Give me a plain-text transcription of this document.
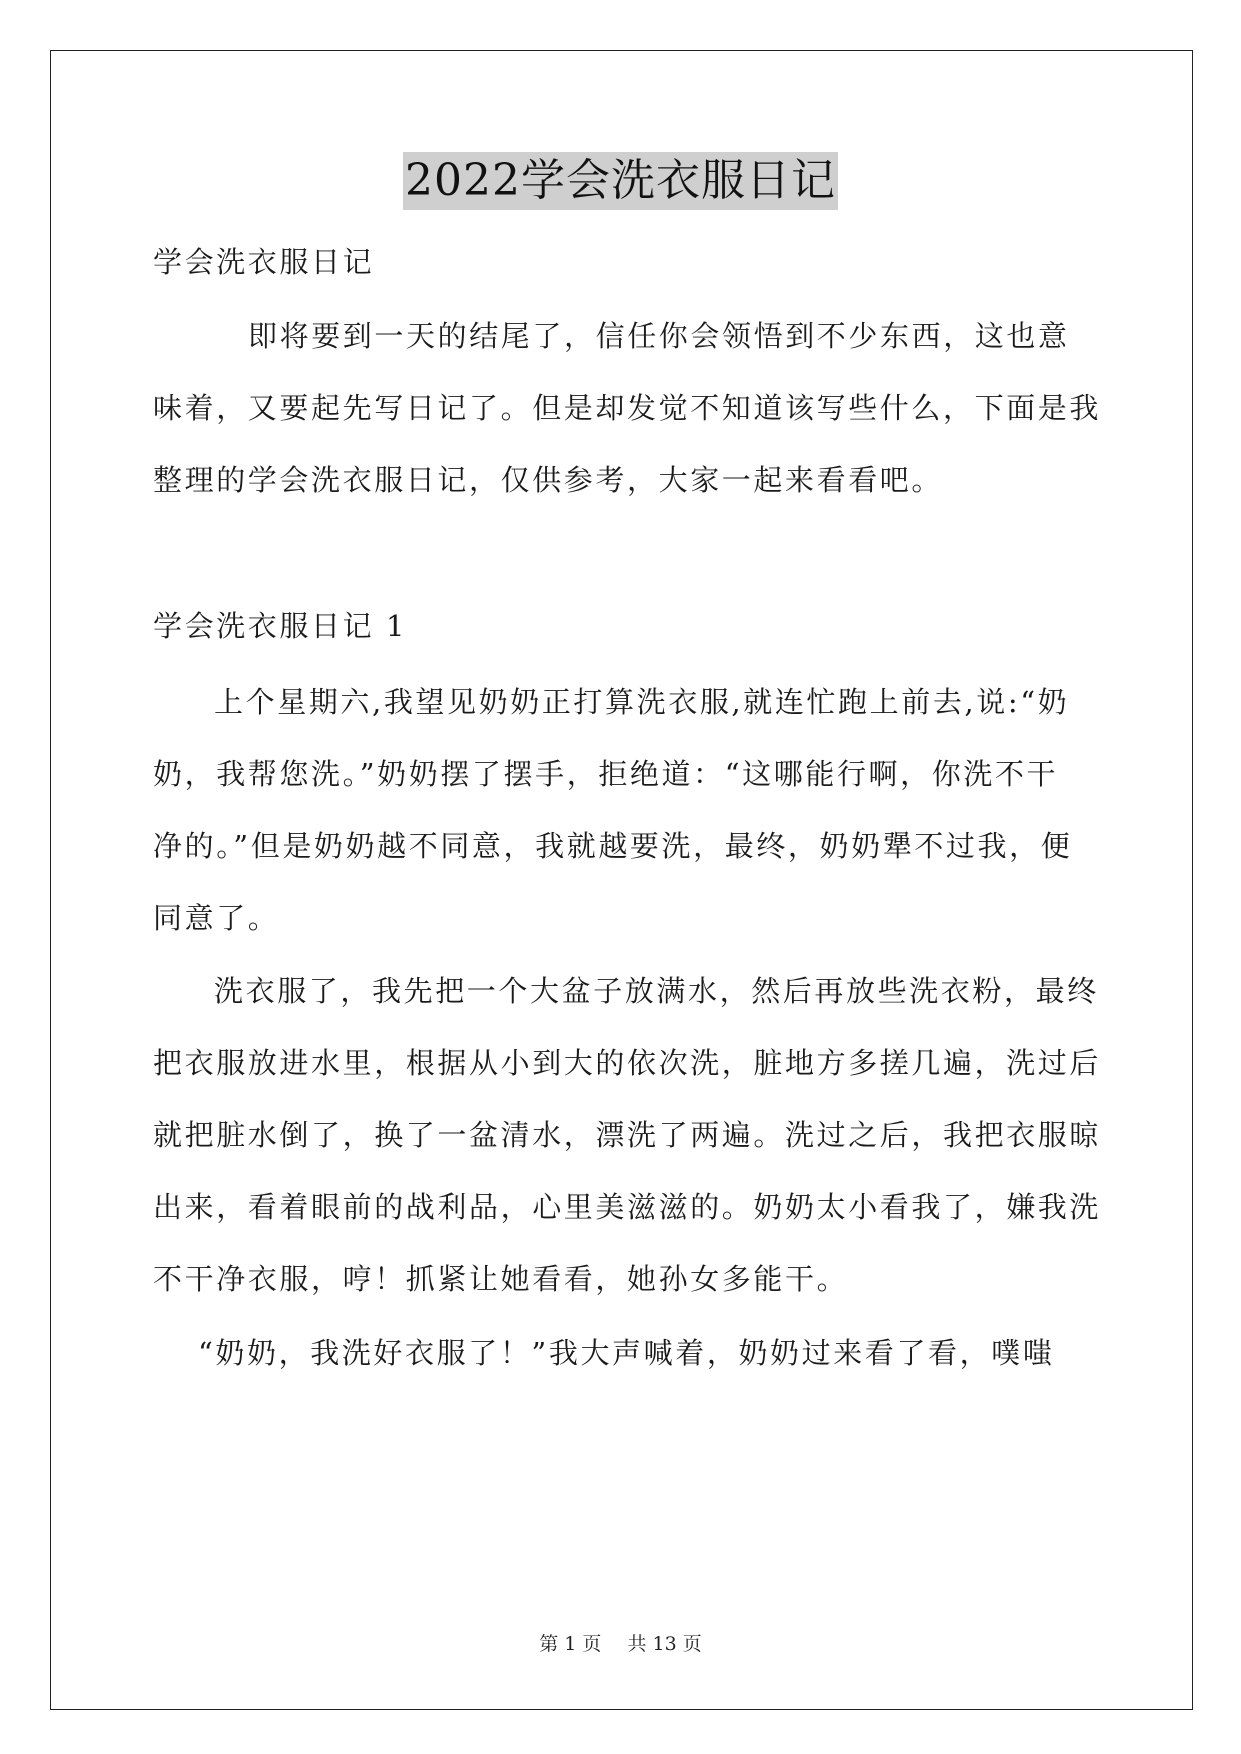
2022学会洗衣服日记
学会洗衣服日记
即将要到一天的结尾了，信任你会领悟到不少东西，这也意
味着，又要起先写日记了。但是却发觉不知道该写些什么，下面是我
整理的学会洗衣服日记，仅供参考，大家一起来看看吧。
学会洗衣服日记 1
上个星期六,我望见奶奶正打算洗衣服,就连忙跑上前去,说:“奶
奶，我帮您洗。”奶奶摆了摆手，拒绝道：“这哪能行啊，你洗不干
净的。”但是奶奶越不同意，我就越要洗，最终，奶奶犟不过我，便
同意了。
洗衣服了，我先把一个大盆子放满水，然后再放些洗衣粉，最终
把衣服放进水里，根据从小到大的依次洗，脏地方多搓几遍，洗过后
就把脏水倒了，换了一盆清水，漂洗了两遍。洗过之后，我把衣服晾
出来，看着眼前的战利品，心里美滋滋的。奶奶太小看我了，嫌我洗
不干净衣服，哼！抓紧让她看看，她孙女多能干。
“奶奶，我洗好衣服了！”我大声喊着，奶奶过来看了看，噗嗤
第 1 页 共 13 页
